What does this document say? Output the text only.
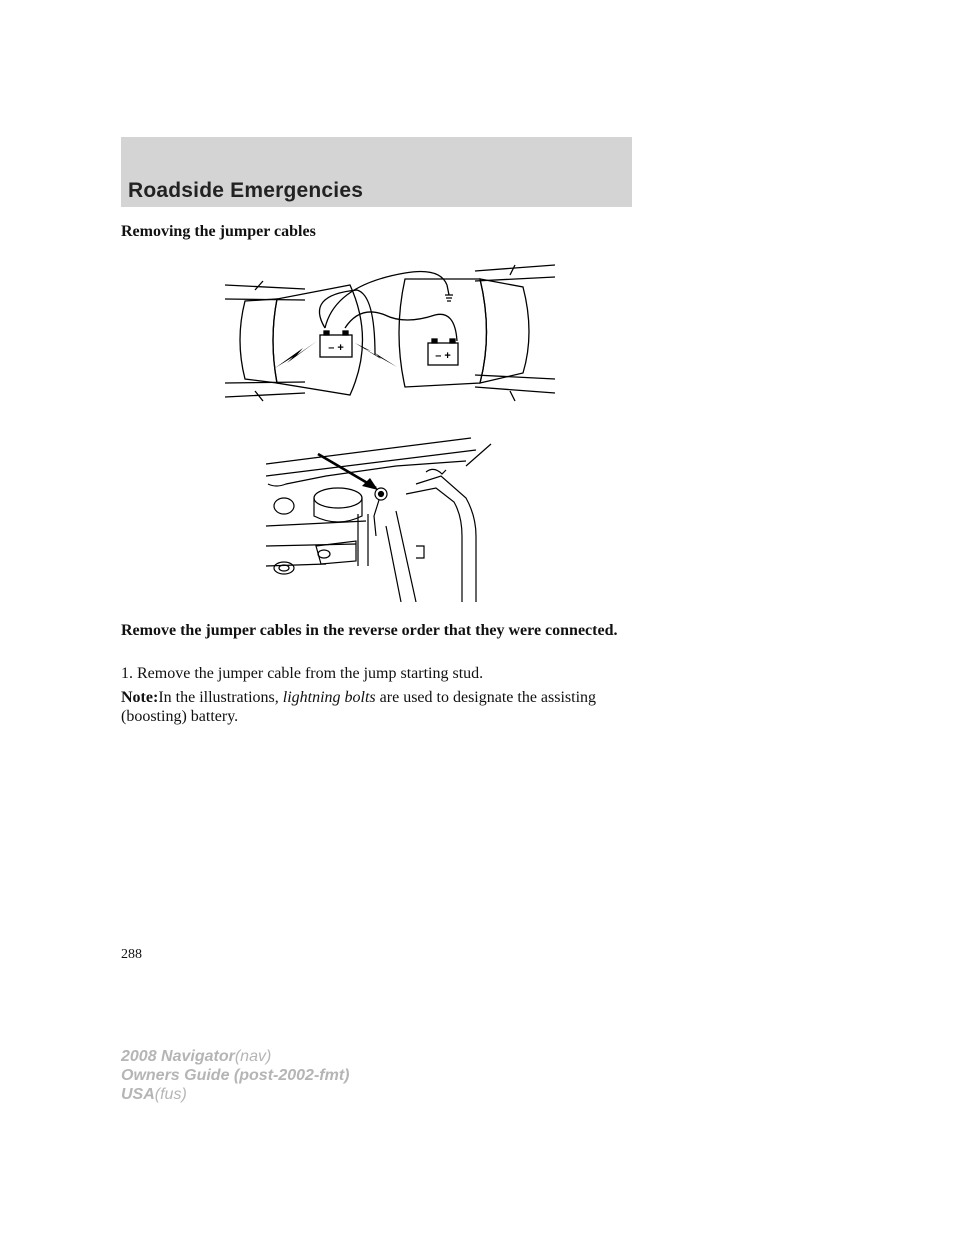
Roadside Emergencies
Removing the jumper cables
– +
– +

Remove the jumper cables in the reverse order that they were connected.

1. Remove the jumper cable from the jump starting stud.

Note:In the illustrations, lightning bolts are used to designate the assisting (boosting) battery.

288
2008 Navigator(nav)
Owners Guide (post-2002-fmt)
USA(fus)
